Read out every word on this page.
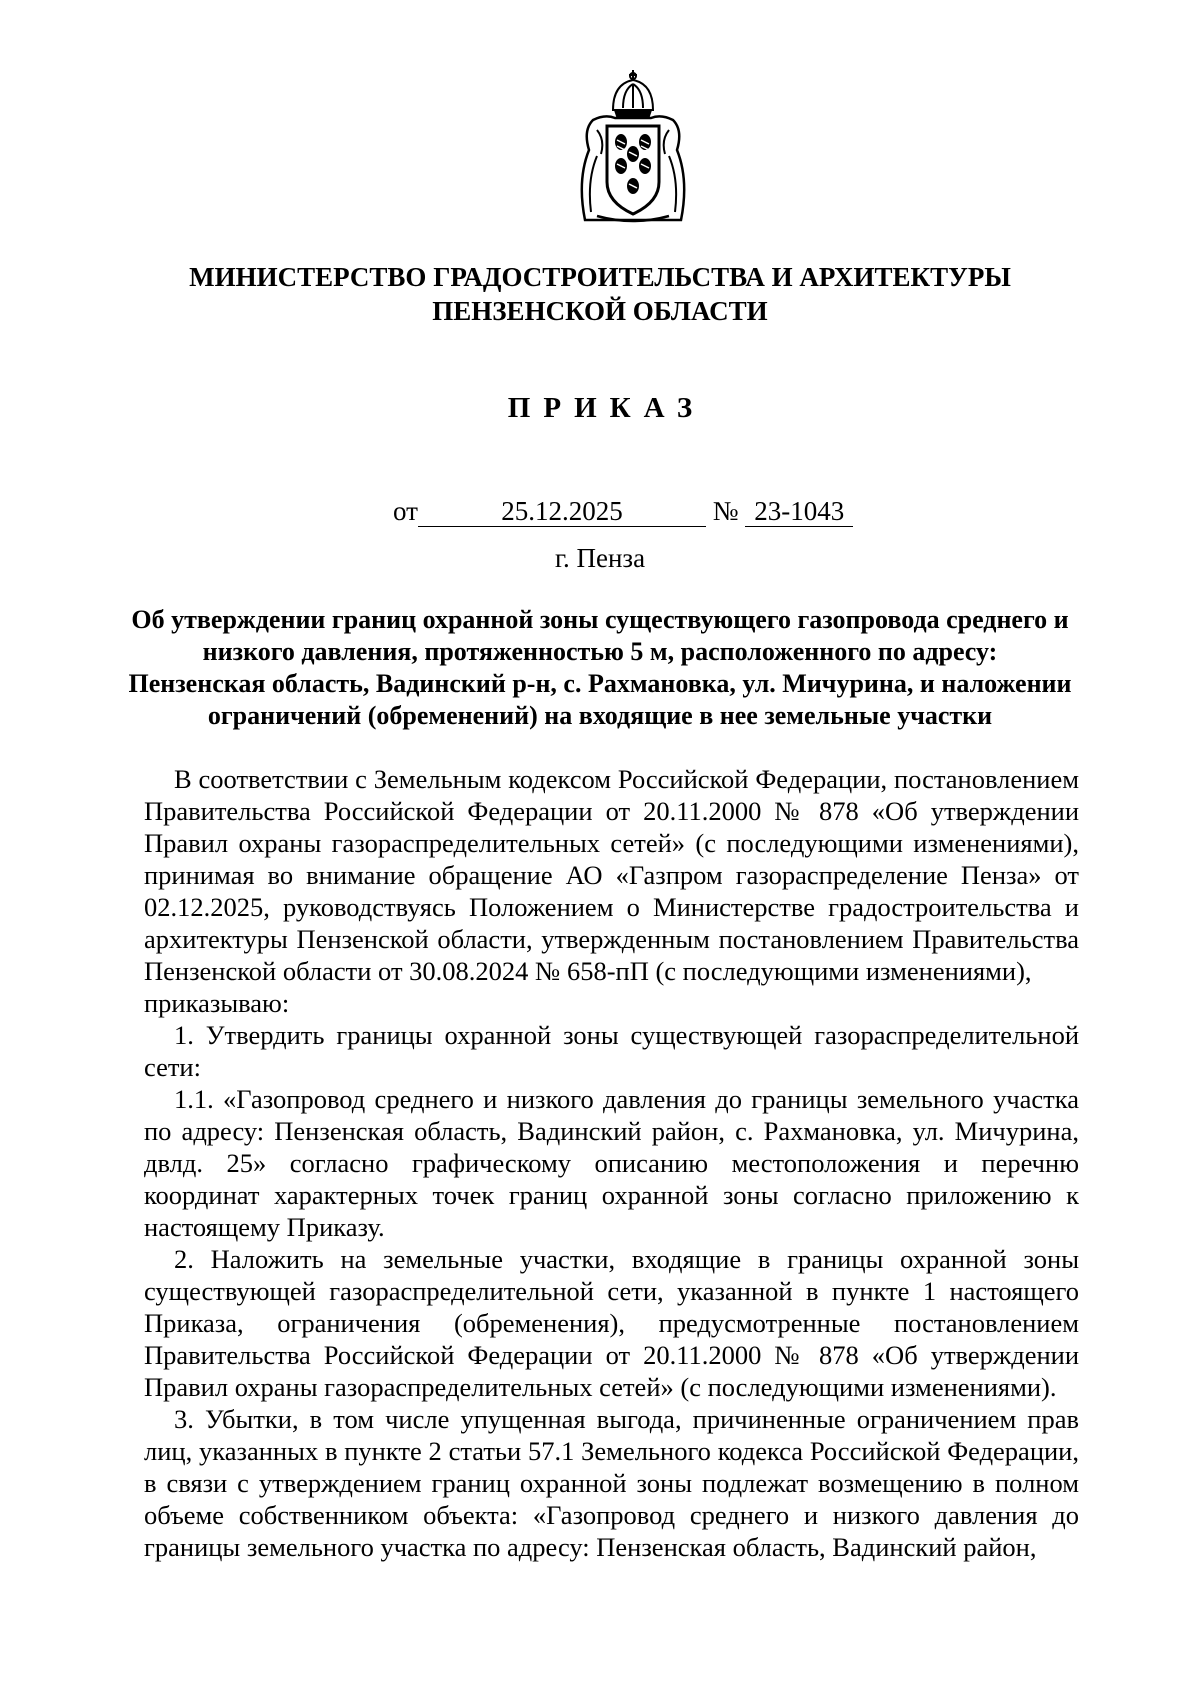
МИНИСТЕРСТВО ГРАДОСТРОИТЕЛЬСТВА И АРХИТЕКТУРЫ
ПЕНЗЕНСКОЙ ОБЛАСТИ
ПРИКАЗ
от	25.12.2025	№ 23-1043
г. Пенза
Об утверждении границ охранной зоны существующего газопровода среднего и
низкого давления, протяженностью 5 м, расположенного по адресу:
Пензенская область, Вадинский р-н, с. Рахмановка, ул. Мичурина, и наложении
ограничений (обременений) на входящие в нее земельные участки

В соответствии с Земельным кодексом Российской Федерации, постановлением Правительства Российской Федерации от 20.11.2000 № 878 «Об утверждении Правил охраны газораспределительных сетей» (с последующими изменениями), принимая во внимание обращение АО «Газпром газораспределение Пенза» от 02.12.2025, руководствуясь Положением о Министерстве градостроительства и архитектуры Пензенской области, утвержденным постановлением Правительства Пензенской области от 30.08.2024 № 658-пП (с последующими изменениями),

приказываю:

1. Утвердить границы охранной зоны существующей газораспределительной сети:

1.1. «Газопровод среднего и низкого давления до границы земельного участка по адресу: Пензенская область, Вадинский район, с. Рахмановка, ул. Мичурина, двлд. 25» согласно графическому описанию местоположения и перечню координат характерных точек границ охранной зоны согласно приложению к настоящему Приказу.

2. Наложить на земельные участки, входящие в границы охранной зоны существующей газораспределительной сети, указанной в пункте 1 настоящего Приказа, ограничения (обременения), предусмотренные постановлением Правительства Российской Федерации от 20.11.2000 № 878 «Об утверждении Правил охраны газораспределительных сетей» (с последующими изменениями).

3. Убытки, в том числе упущенная выгода, причиненные ограничением прав лиц, указанных в пункте 2 статьи 57.1 Земельного кодекса Российской Федерации, в связи с утверждением границ охранной зоны подлежат возмещению в полном объеме собственником объекта: «Газопровод среднего и низкого давления до границы земельного участка по адресу: Пензенская область, Вадинский район,
